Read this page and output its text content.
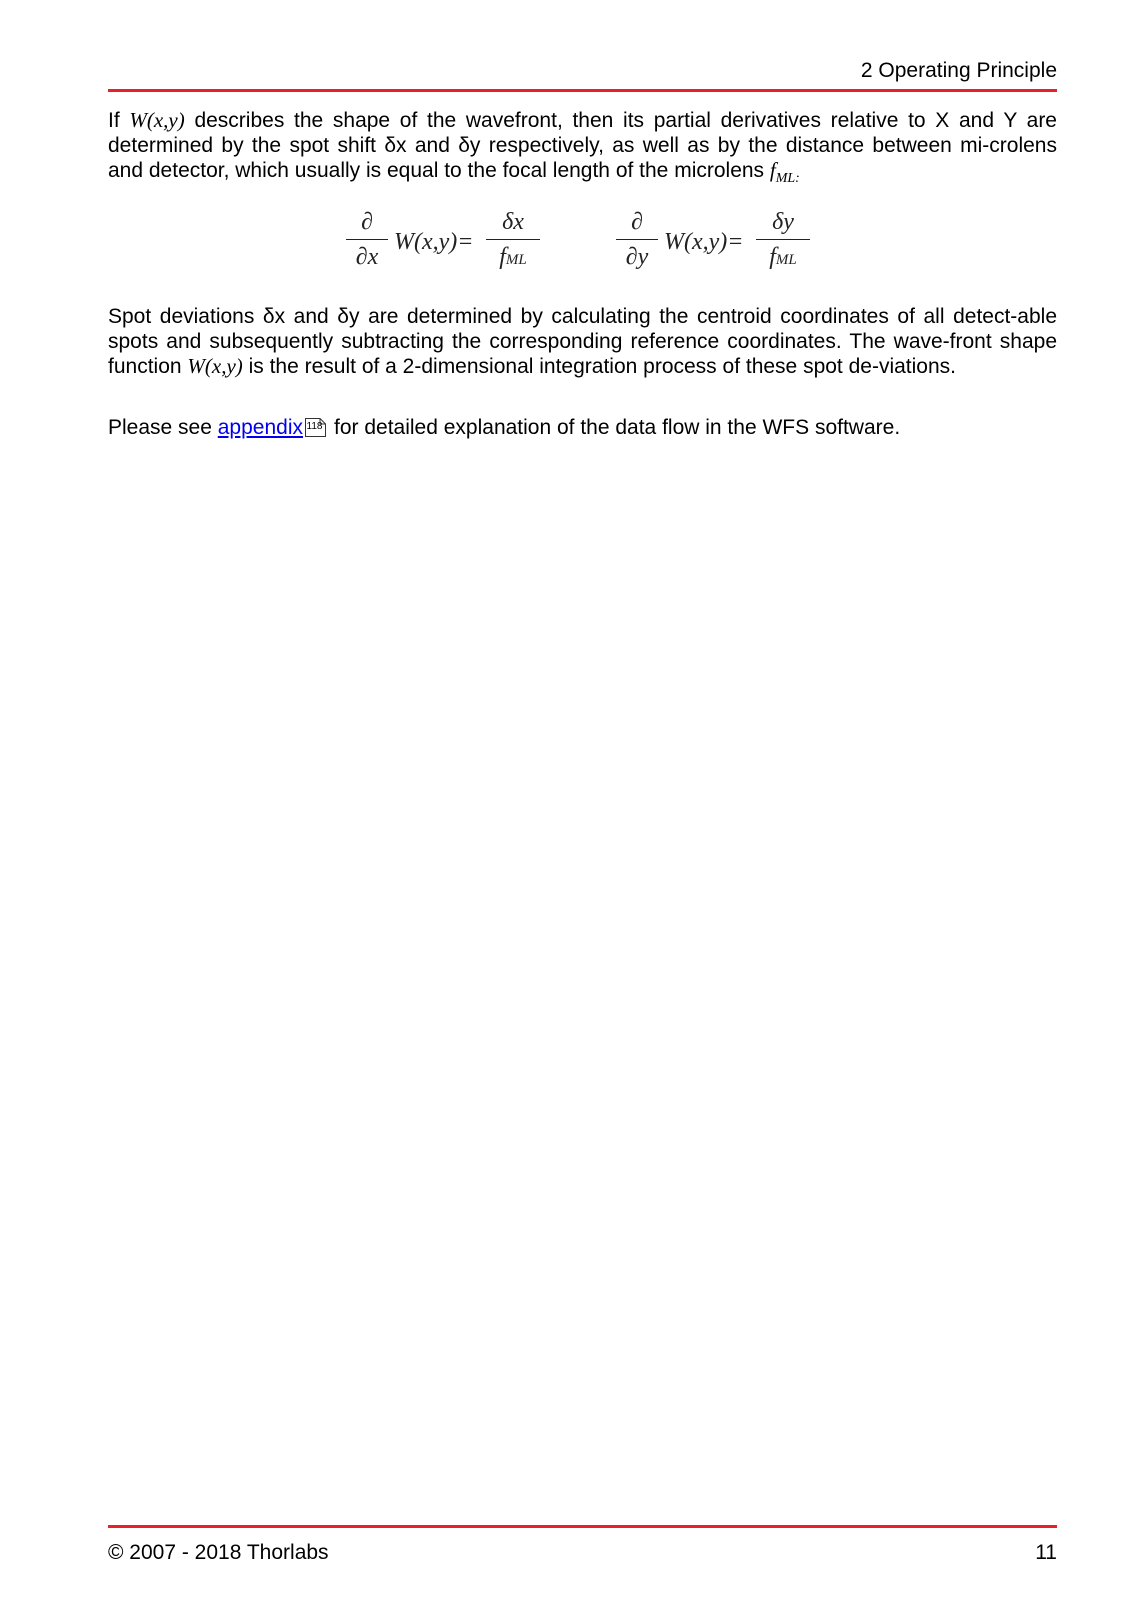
2 Operating Principle

If W(x,y) describes the shape of the wavefront, then its partial derivatives relative to X and Y are determined by the spot shift δx and δy respectively, as well as by the distance between mi-crolens and detector, which usually is equal to the focal length of the microlens $f_{ML:}$

∂
∂x
W(x,y)=
δx
fML
∂
∂y
W(x,y)=
δy
fML

Spot deviations δx and δy are determined by calculating the centroid coordinates of all detect-able spots and subsequently subtracting the corresponding reference coordinates. The wave-front shape function W(x,y) is the result of a 2-dimensional integration process of these spot de-viations.

Please see appendix 118 for detailed explanation of the data flow in the WFS software.

© 2007 - 2018 Thorlabs	11
